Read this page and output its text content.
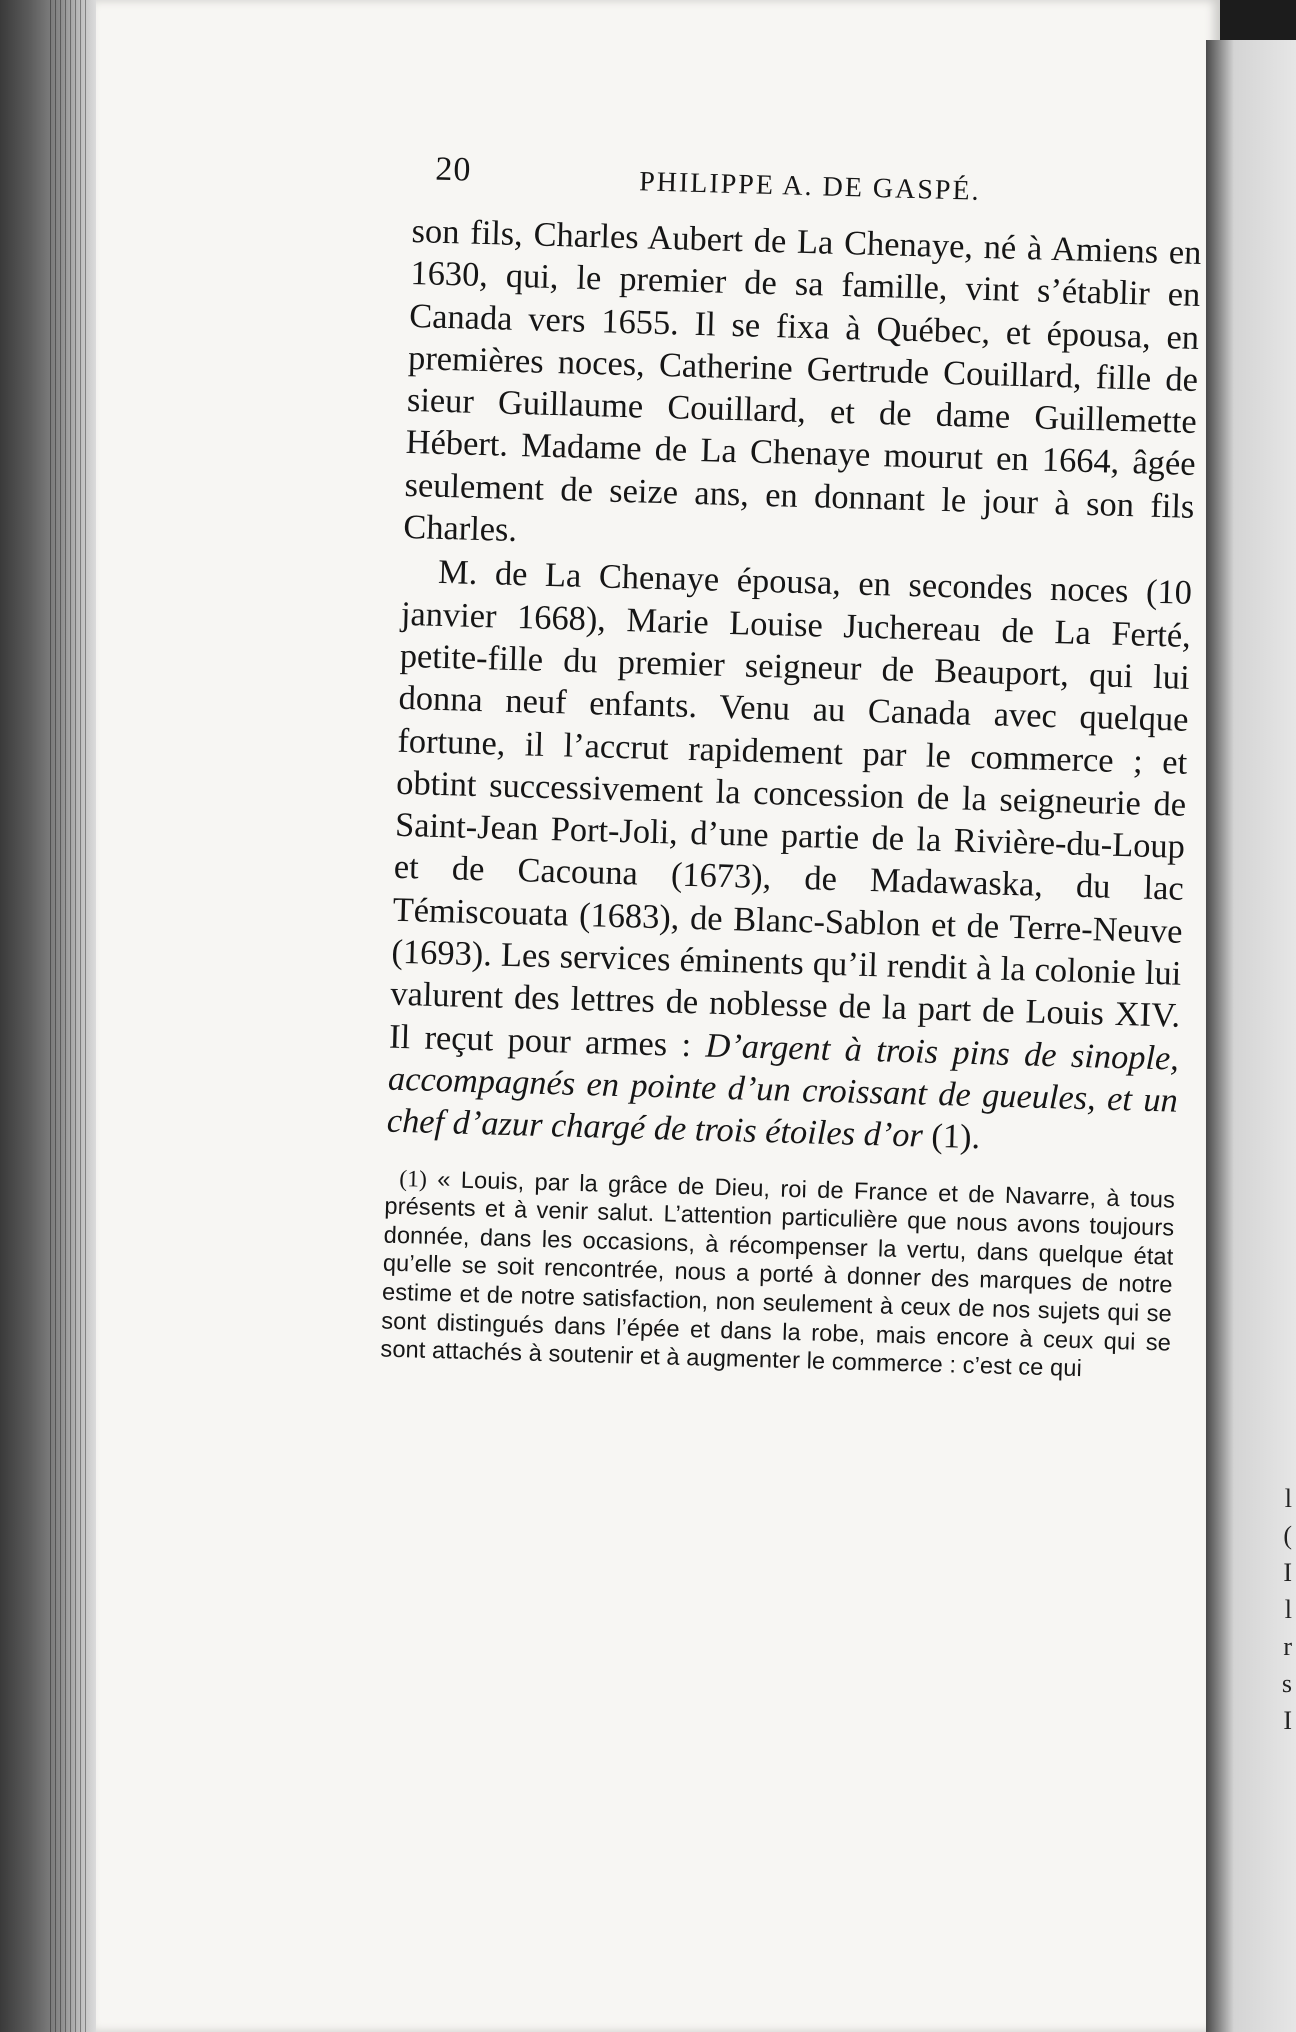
20	PHILIPPE A. DE GASPÉ.

son fils, Charles Aubert de La Chenaye, né à Amiens en 1630, qui, le premier de sa famille, vint s’établir en Canada vers 1655. Il se fixa à Québec, et épousa, en premières noces, Catherine Gertrude Couillard, fille de sieur Guillaume Couillard, et de dame Guillemette Hébert. Madame de La Chenaye mourut en 1664, âgée seulement de seize ans, en donnant le jour à son fils Charles.

M. de La Chenaye épousa, en secondes noces (10 janvier 1668), Marie Louise Juchereau de La Ferté, petite-fille du premier seigneur de Beauport, qui lui donna neuf enfants. Venu au Canada avec quelque fortune, il l’accrut rapidement par le commerce ; et obtint successivement la concession de la seigneurie de Saint-Jean Port-Joli, d’une partie de la Rivière-du-Loup et de Cacouna (1673), de Madawaska, du lac Témiscouata (1683), de Blanc-Sablon et de Terre-Neuve (1693). Les services éminents qu’il rendit à la colonie lui valurent des lettres de noblesse de la part de Louis XIV. Il reçut pour armes : D’argent à trois pins de sinople, accompagnés en pointe d’un croissant de gueules, et un chef d’azur chargé de trois étoiles d’or (1).

(1) « Louis, par la grâce de Dieu, roi de France et de Navarre, à tous présents et à venir salut. L’attention particulière que nous avons toujours donnée, dans les occasions, à récompenser la vertu, dans quelque état qu’elle se soit rencontrée, nous a porté à donner des marques de notre estime et de notre satisfaction, non seulement à ceux de nos sujets qui se sont distingués dans l’épée et dans la robe, mais encore à ceux qui se sont attachés à soutenir et à augmenter le commerce : c’est ce qui
l
(
I
l
r
s
I
